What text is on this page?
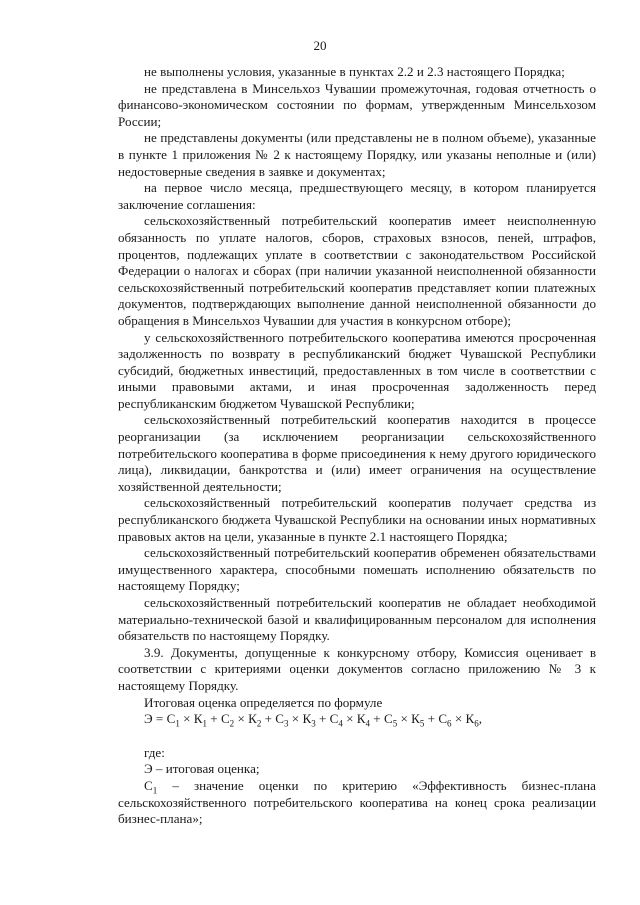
20

не выполнены условия, указанные в пунктах 2.2 и 2.3 настоящего Порядка;

не представлена в Минсельхоз Чувашии промежуточная, годовая отчетность о финансово-экономическом состоянии по формам, утвержденным Минсельхозом России;

не представлены документы (или представлены не в полном объеме), указанные в пункте 1 приложения № 2 к настоящему Порядку, или указаны неполные и (или) недостоверные сведения в заявке и документах;

на первое число месяца, предшествующего месяцу, в котором планируется заключение соглашения:

сельскохозяйственный потребительский кооператив имеет неисполненную обязанность по уплате налогов, сборов, страховых взносов, пеней, штрафов, процентов, подлежащих уплате в соответствии с законодательством Российской Федерации о налогах и сборах (при наличии указанной неисполненной обязанности сельскохозяйственный потребительский кооператив представляет копии платежных документов, подтверждающих выполнение данной неисполненной обязанности до обращения в Минсельхоз Чувашии для участия в конкурсном отборе);

у сельскохозяйственного потребительского кооператива имеются просроченная задолженность по возврату в республиканский бюджет Чувашской Республики субсидий, бюджетных инвестиций, предоставленных в том числе в соответствии с иными правовыми актами, и иная просроченная задолженность перед республиканским бюджетом Чувашской Республики;

сельскохозяйственный потребительский кооператив находится в процессе реорганизации (за исключением реорганизации сельскохозяйственного потребительского кооператива в форме присоединения к нему другого юридического лица), ликвидации, банкротства и (или) имеет ограничения на осуществление хозяйственной деятельности;

сельскохозяйственный потребительский кооператив получает средства из республиканского бюджета Чувашской Республики на основании иных нормативных правовых актов на цели, указанные в пункте 2.1 настоящего Порядка;

сельскохозяйственный потребительский кооператив обременен обязательствами имущественного характера, способными помешать исполнению обязательств по настоящему Порядку;

сельскохозяйственный потребительский кооператив не обладает необходимой материально-технической базой и квалифицированным персоналом для исполнения обязательств по настоящему Порядку.

3.9. Документы, допущенные к конкурсному отбору, Комиссия оценивает в соответствии с критериями оценки документов согласно приложению № 3 к настоящему Порядку.

Итоговая оценка определяется по формуле

$Э = С_1 \times К_1 + С_2 \times К_2 + С_3 \times К_3 + С_4 \times К_4 + С_5 \times К_5 + С_6 \times К_6$,

где:

Э – итоговая оценка;

$С_1$ – значение оценки по критерию «Эффективность бизнес-плана сельскохозяйственного потребительского кооператива на конец срока реализации бизнес-плана»;
